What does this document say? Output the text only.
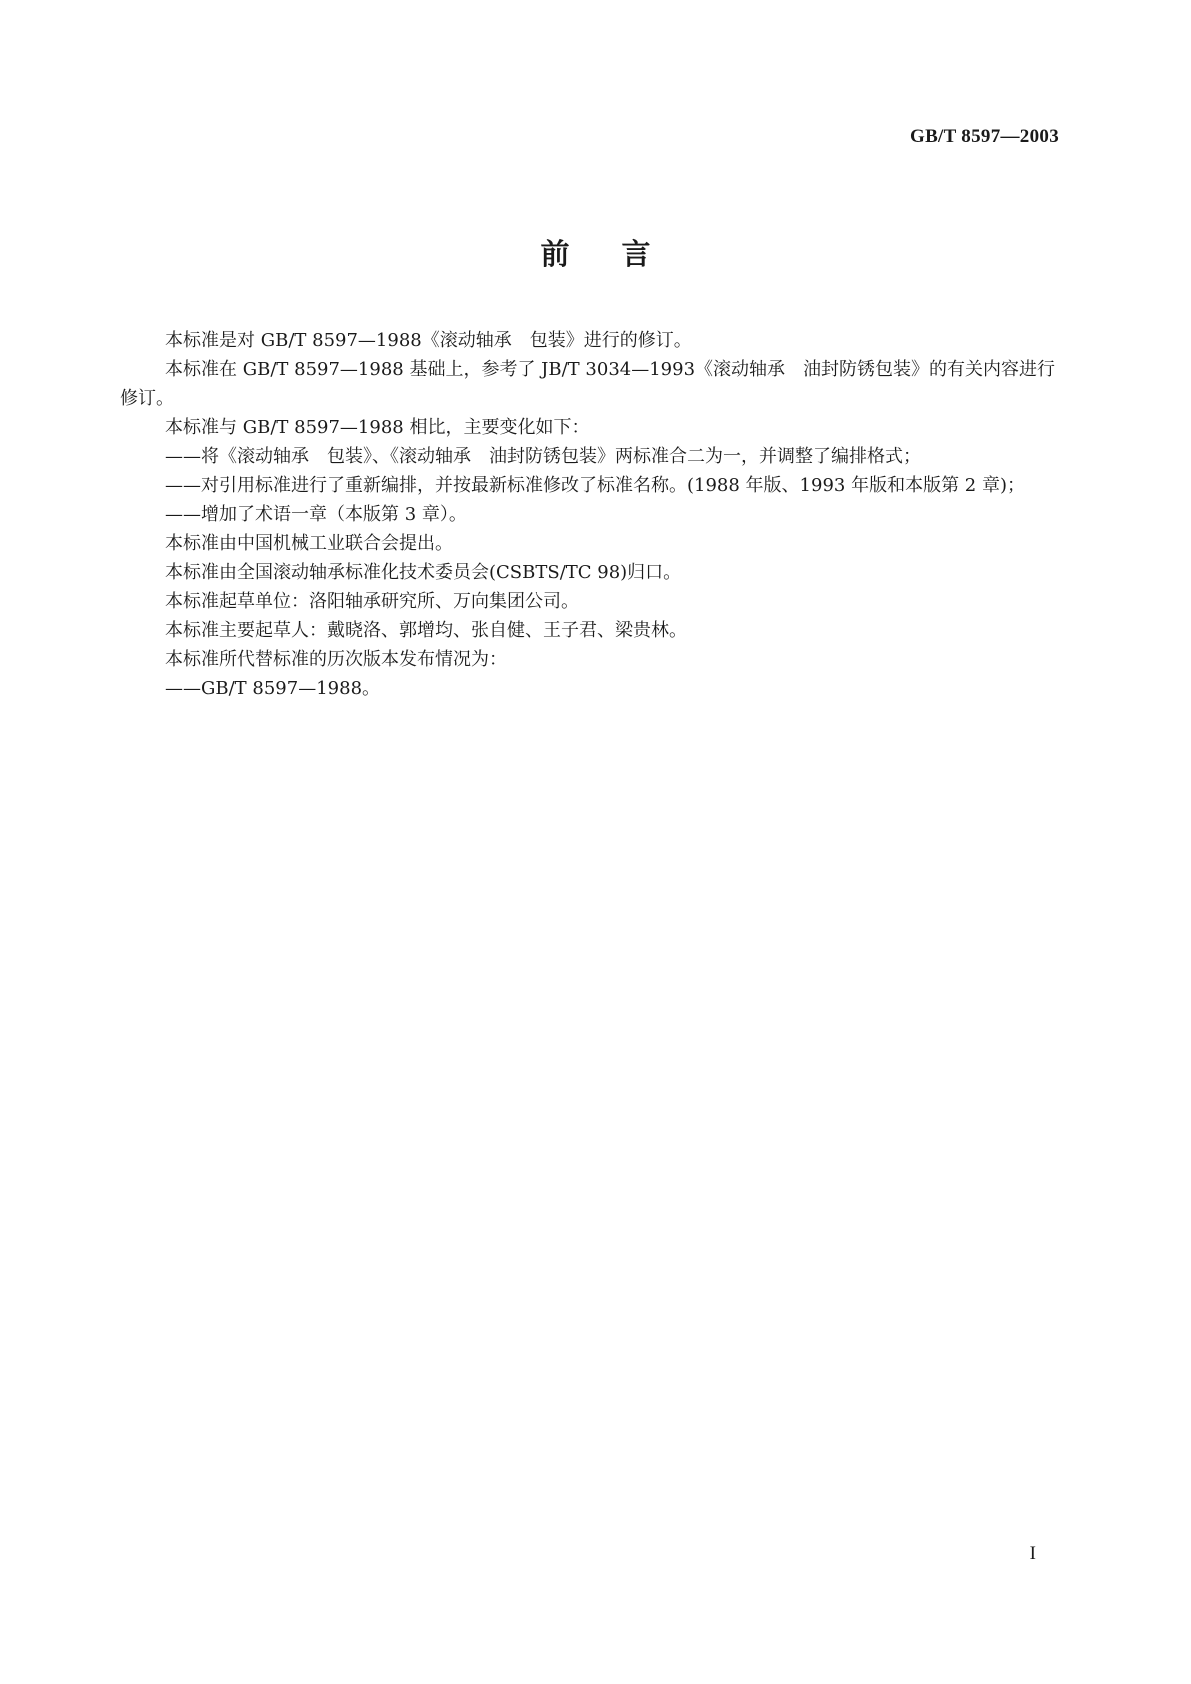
GB/T 8597—2003
前言

本标准是对 GB/T 8597—1988《滚动轴承　包装》进行的修订。

本标准在 GB/T 8597—1988 基础上，参考了 JB/T 3034—1993《滚动轴承　油封防锈包装》的有关内容进行修订。

本标准与 GB/T 8597—1988 相比，主要变化如下：

——将《滚动轴承　包装》、《滚动轴承　油封防锈包装》两标准合二为一，并调整了编排格式；

——对引用标准进行了重新编排，并按最新标准修改了标准名称。(1988 年版、1993 年版和本版第 2 章)；

——增加了术语一章（本版第 3 章）。

本标准由中国机械工业联合会提出。

本标准由全国滚动轴承标准化技术委员会(CSBTS/TC 98)归口。

本标准起草单位：洛阳轴承研究所、万向集团公司。

本标准主要起草人：戴晓洛、郭增均、张自健、王子君、梁贵林。

本标准所代替标准的历次版本发布情况为：

——GB/T 8597—1988。

I
